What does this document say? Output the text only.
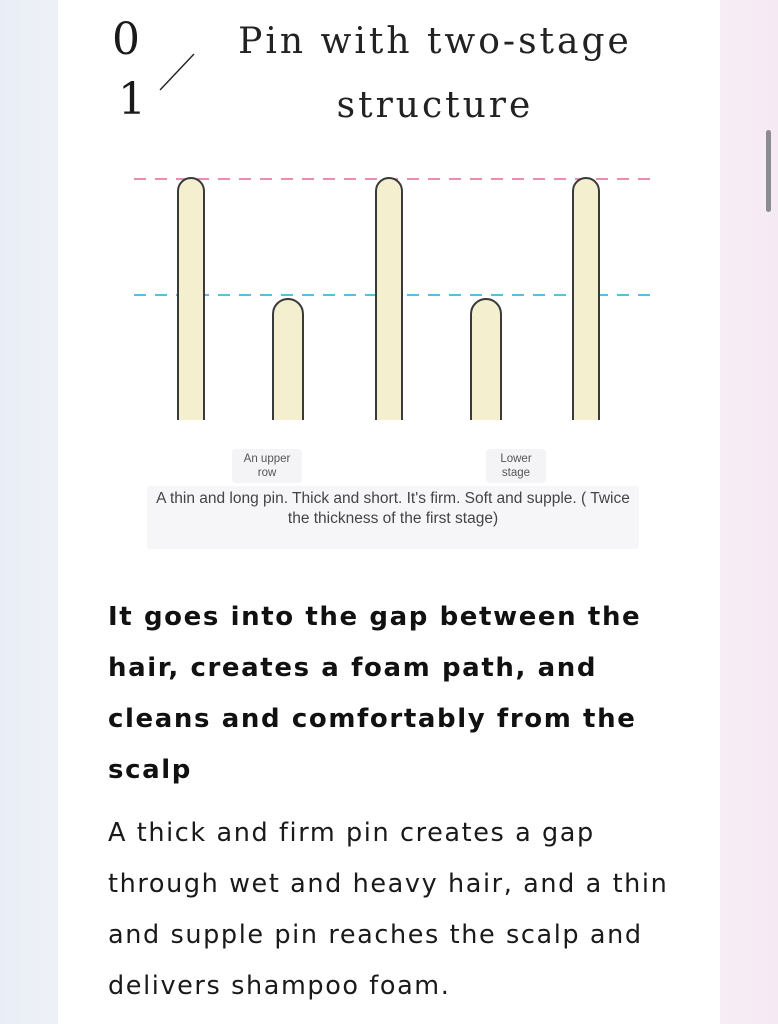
0
1
Pin with two-stage structure
An upper row
Lower stage
A thin and long pin. Thick and short. It's firm. Soft and supple. ( Twice the thickness of the first stage)
It goes into the gap between the hair, creates a foam path, and cleans and comfortably from the scalp
A thick and firm pin creates a gap through wet and heavy hair, and a thin and supple pin reaches the scalp and delivers shampoo foam.
